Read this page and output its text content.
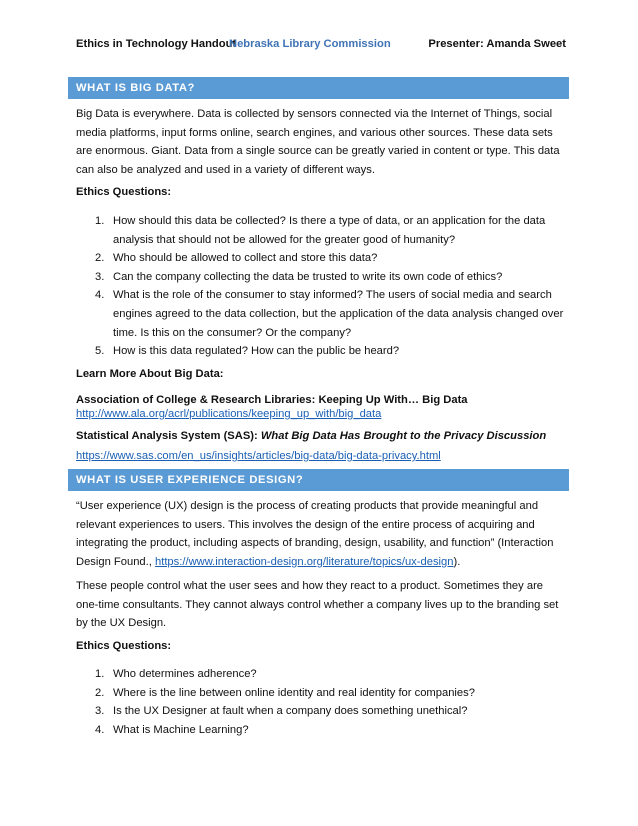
Ethics in Technology Handout
Nebraska Library Commission	Presenter: Amanda Sweet
WHAT IS BIG DATA?

Big Data is everywhere. Data is collected by sensors connected via the Internet of Things, social media platforms, input forms online, search engines, and various other sources. These data sets are enormous. Giant. Data from a single source can be greatly varied in content or type. This data can also be analyzed and used in a variety of different ways.

Ethics Questions:

1. How should this data be collected? Is there a type of data, or an application for the data analysis that should not be allowed for the greater good of humanity?
2. Who should be allowed to collect and store this data?
3. Can the company collecting the data be trusted to write its own code of ethics?
4. What is the role of the consumer to stay informed? The users of social media and search engines agreed to the data collection, but the application of the data analysis changed over time. Is this on the consumer? Or the company?
5. How is this data regulated? How can the public be heard?

Learn More About Big Data:

Association of College & Research Libraries: Keeping Up With… Big Data

http://www.ala.org/acrl/publications/keeping_up_with/big_data

Statistical Analysis System (SAS): What Big Data Has Brought to the Privacy Discussion

https://www.sas.com/en_us/insights/articles/big-data/big-data-privacy.html

WHAT IS USER EXPERIENCE DESIGN?

“User experience (UX) design is the process of creating products that provide meaningful and relevant experiences to users. This involves the design of the entire process of acquiring and integrating the product, including aspects of branding, design, usability, and function” (Interaction Design Found., https://www.interaction-design.org/literature/topics/ux-design).

These people control what the user sees and how they react to a product. Sometimes they are one-time consultants. They cannot always control whether a company lives up to the branding set by the UX Design.

Ethics Questions:

1. Who determines adherence?
2. Where is the line between online identity and real identity for companies?
3. Is the UX Designer at fault when a company does something unethical?
4. What is Machine Learning?
